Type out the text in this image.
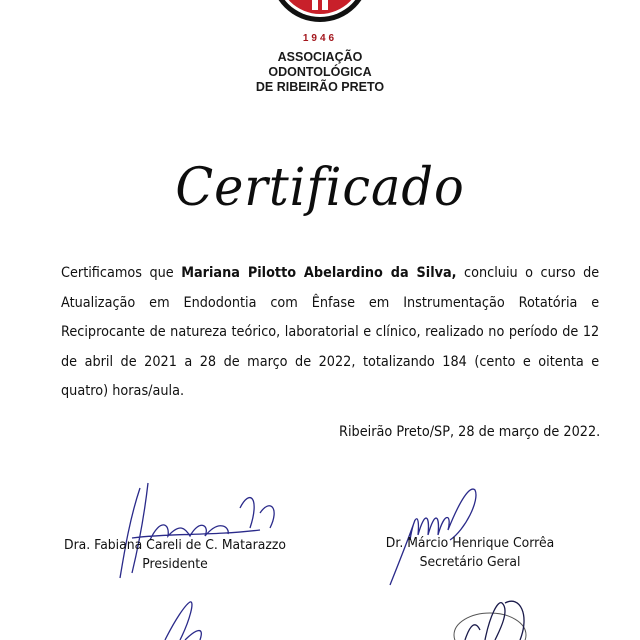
1946
ASSOCIAÇÃO
ODONTOLÓGICA
DE RIBEIRÃO PRETO
Certificado
Certificamos que Mariana Pilotto Abelardino da Silva, concluiu o curso de Atualização em Endodontia com Ênfase em Instrumentação Rotatória e Reciprocante de natureza teórico, laboratorial e clínico, realizado no período de 12 de abril de 2021 a 28 de março de 2022, totalizando 184 (cento e oitenta e quatro) horas/aula.
Ribeirão Preto/SP, 28 de março de 2022.
Dra. Fabiana Careli de C. Matarazzo
Presidente
Dr. Márcio Henrique Corrêa
Secretário Geral
